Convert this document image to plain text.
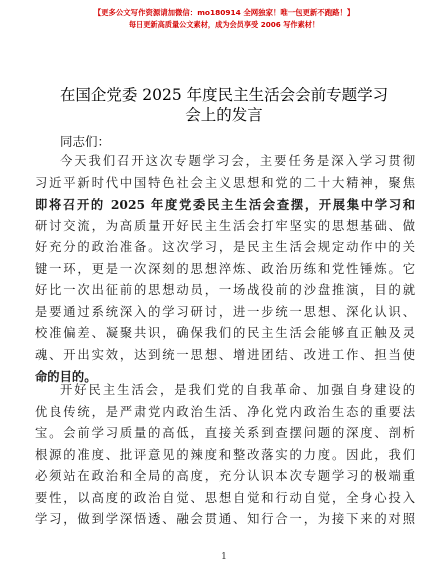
【更多公文写作资源请加微信：mo180914 全网独家！唯一包更新不跑路！】
每日更新高质量公文素材，成为会员享受 2006 写作素材！
在国企党委 2025 年度民主生活会会前专题学习
会上的发言
同志们：
今天我们召开这次专题学习会，主要任务是深入学习贯彻
习近平新时代中国特色社会主义思想和党的二十大精神，聚焦
即将召开的 2025 年度党委民主生活会查摆，开展集中学习和
研讨交流，为高质量开好民主生活会打牢坚实的思想基础、做
好充分的政治准备。这次学习，是民主生活会规定动作中的关
键一环，更是一次深刻的思想淬炼、政治历练和党性锤炼。它
好比一次出征前的思想动员，一场战役前的沙盘推演，目的就
是要通过系统深入的学习研讨，进一步统一思想、深化认识、
校准偏差、凝聚共识，确保我们的民主生活会能够直正触及灵
魂、开出实效，达到统一思想、增进团结、改进工作、担当使
命的目的。
开好民主生活会，是我们党的自我革命、加强自身建设的
优良传统，是严肃党内政治生活、净化党内政治生态的重要法
宝。会前学习质量的高低，直接关系到查摆问题的深度、剖析
根源的准度、批评意见的辣度和整改落实的力度。因此，我们
必须站在政治和全局的高度，充分认识本次专题学习的极端重
要性，以高度的政治自觉、思想自觉和行动自觉，全身心投入
学习，做到学深悟透、融会贯通、知行合一，为接下来的对照
1
